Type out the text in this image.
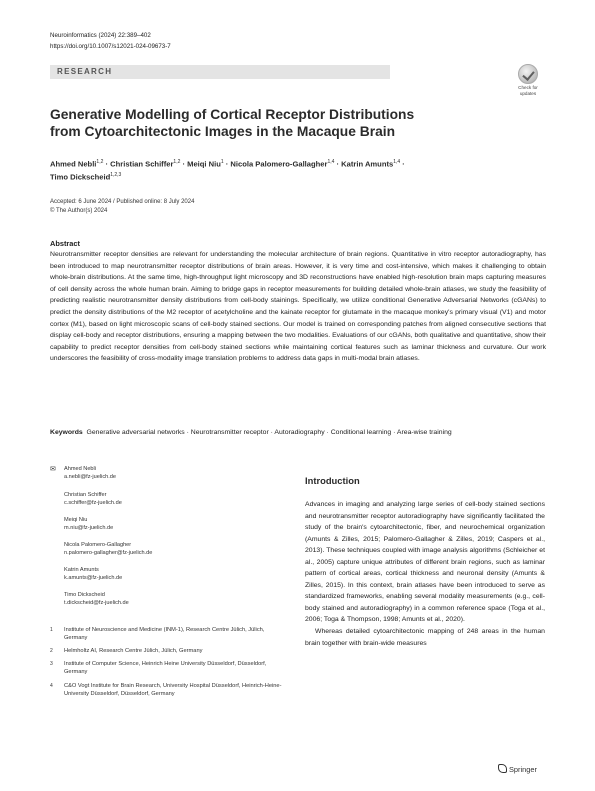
Neuroinformatics (2024) 22:389–402
https://doi.org/10.1007/s12021-024-09673-7
RESEARCH
Check for
updates
Generative Modelling of Cortical Receptor Distributions
from Cytoarchitectonic Images in the Macaque Brain
Ahmed Nebli$^{1,2}$ · Christian Schiffer$^{1,2}$ · Meiqi Niu$^1$ · Nicola Palomero-Gallagher$^{1,4}$ · Katrin Amunts$^{1,4}$ ·
Timo Dickscheid$^{1,2,3}$
Accepted: 6 June 2024 / Published online: 8 July 2024
© The Author(s) 2024
Abstract
Neurotransmitter receptor densities are relevant for understanding the molecular architecture of brain regions. Quantitative in vitro receptor autoradiography, has been introduced to map neurotransmitter receptor distributions of brain areas. However, it is very time and cost-intensive, which makes it challenging to obtain whole-brain distributions. At the same time, high-throughput light microscopy and 3D reconstructions have enabled high-resolution brain maps capturing measures of cell density across the whole human brain. Aiming to bridge gaps in receptor measurements for building detailed whole-brain atlases, we study the feasibility of predicting realistic neurotransmitter density distributions from cell-body stainings. Specifically, we utilize conditional Generative Adversarial Networks (cGANs) to predict the density distributions of the M2 receptor of acetylcholine and the kainate receptor for glutamate in the macaque monkey's primary visual (V1) and motor cortex (M1), based on light microscopic scans of cell-body stained sections. Our model is trained on corresponding patches from aligned consecutive sections that display cell-body and receptor distributions, ensuring a mapping between the two modalities. Evaluations of our cGANs, both qualitative and quantitative, show their capability to predict receptor densities from cell-body stained sections while maintaining cortical features such as laminar thickness and curvature. Our work underscores the feasibility of cross-modality image translation problems to address data gaps in multi-modal brain atlases.
Keywords Generative adversarial networks · Neurotransmitter receptor · Autoradiography · Conditional learning · Area-wise training
✉ Ahmed Nebli
a.nebli@fz-juelich.de
Christian Schiffer
c.schiffer@fz-juelich.de
Meiqi Niu
m.niu@fz-juelich.de
Nicola Palomero-Gallagher
n.palomero-gallagher@fz-juelich.de
Katrin Amunts
k.amunts@fz-juelich.de
Timo Dickscheid
t.dickscheid@fz-juelich.de
1	Institute of Neuroscience and Medicine (INM-1), Research Centre Jülich, Jülich, Germany
2	Helmholtz AI, Research Centre Jülich, Jülich, Germany
3	Institute of Computer Science, Heinrich Heine University Düsseldorf, Düsseldorf, Germany
4	C&O Vogt Institute for Brain Research, University Hospital Düsseldorf, Heinrich-Heine-University Düsseldorf, Düsseldorf, Germany
Introduction

Advances in imaging and analyzing large series of cell-body stained sections and neurotransmitter receptor autoradiography have significantly facilitated the study of the brain's cytoarchitectonic, fiber, and neurochemical organization (Amunts & Zilles, 2015; Palomero-Gallagher & Zilles, 2019; Caspers et al., 2013). These techniques coupled with image analysis algorithms (Schleicher et al., 2005) capture unique attributes of different brain regions, such as laminar pattern of cortical areas, cortical thickness and neuronal density (Amunts & Zilles, 2015). In this context, brain atlases have been introduced to serve as standardized frameworks, enabling several modality measurements (e.g., cell-body stained and autoradiography) in a common reference space (Toga et al., 2006; Toga & Thompson, 1998; Amunts et al., 2020).

Whereas detailed cytoarchitectonic mapping of 248 areas in the human brain together with brain-wide measures

Springer
